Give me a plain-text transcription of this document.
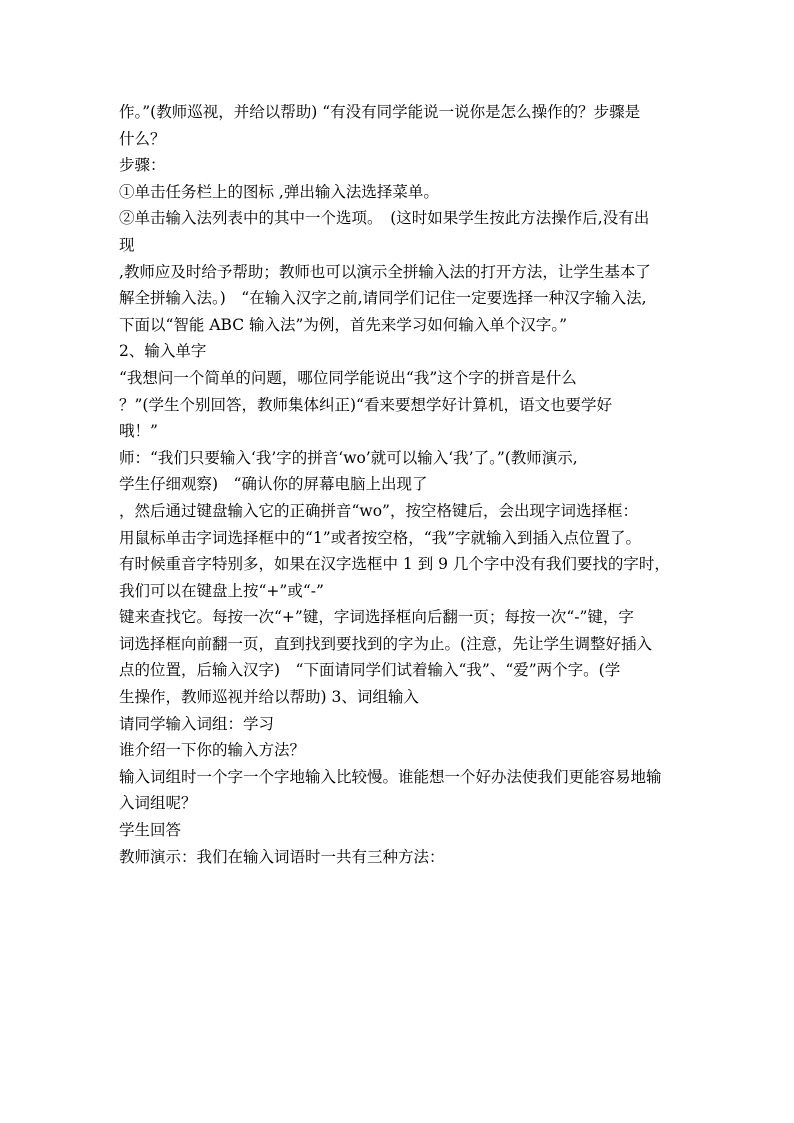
作。”(教师巡视，并给以帮助) “有没有同学能说一说你是怎么操作的？步骤是
什么？
步骤：
①单击任务栏上的图标 ,弹出输入法选择菜单。
②单击输入法列表中的其中一个选项。　(这时如果学生按此方法操作后,没有出
现
,教师应及时给予帮助；教师也可以演示全拼输入法的打开方法，让学生基本了
解全拼输入法。)　“在输入汉字之前,请同学们记住一定要选择一种汉字输入法,
下面以“智能 ABC 输入法”为例，首先来学习如何输入单个汉字。”
2、输入单字
“我想问一个简单的问题，哪位同学能说出“我”这个字的拼音是什么
？”(学生个别回答，教师集体纠正)“看来要想学好计算机，语文也要学好
哦！”
师：“我们只要输入‘我’字的拼音‘wo’就可以输入‘我’了。”(教师演示,
学生仔细观察)　“确认你的屏幕电脑上出现了
，然后通过键盘输入它的正确拼音“wo”，按空格键后，会出现字词选择框：
用鼠标单击字词选择框中的“1”或者按空格，“我”字就输入到插入点位置了。
有时候重音字特别多，如果在汉字选框中 1 到 9 几个字中没有我们要找的字时，
我们可以在键盘上按“+”或“-”
键来查找它。每按一次“+”键，字词选择框向后翻一页；每按一次“-”键，字
词选择框向前翻一页，直到找到要找到的字为止。(注意，先让学生调整好插入
点的位置，后输入汉字)　“下面请同学们试着输入“我”、“爱”两个字。(学
生操作，教师巡视并给以帮助) 3、词组输入
请同学输入词组：学习
谁介绍一下你的输入方法？
输入词组时一个字一个字地输入比较慢。谁能想一个好办法使我们更能容易地输
入词组呢？
学生回答
教师演示：我们在输入词语时一共有三种方法：
